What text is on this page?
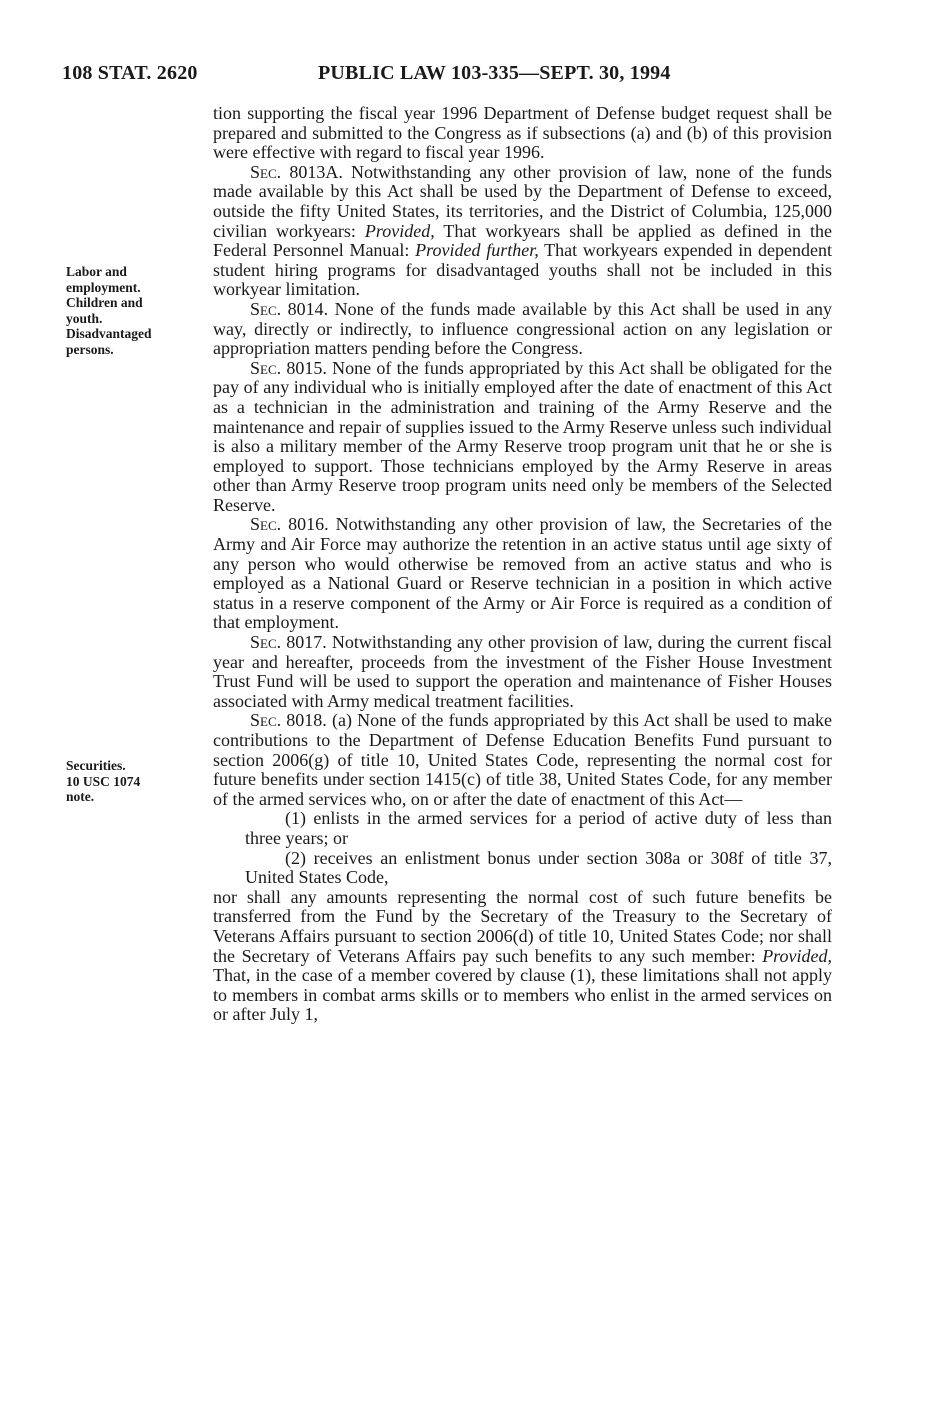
108 STAT. 2620	PUBLIC LAW 103-335—SEPT. 30, 1994
Labor and
employment.
Children and
youth.
Disadvantaged
persons.
Securities.
10 USC 1074
note.

tion supporting the fiscal year 1996 Department of Defense budget request shall be prepared and submitted to the Congress as if subsections (a) and (b) of this provision were effective with regard to fiscal year 1996.

Sec. 8013A. Notwithstanding any other provision of law, none of the funds made available by this Act shall be used by the Department of Defense to exceed, outside the fifty United States, its territories, and the District of Columbia, 125,000 civilian workyears: Provided, That workyears shall be applied as defined in the Federal Personnel Manual: Provided further, That workyears expended in dependent student hiring programs for disadvantaged youths shall not be included in this workyear limitation.

Sec. 8014. None of the funds made available by this Act shall be used in any way, directly or indirectly, to influence congressional action on any legislation or appropriation matters pending before the Congress.

Sec. 8015. None of the funds appropriated by this Act shall be obligated for the pay of any individual who is initially employed after the date of enactment of this Act as a technician in the administration and training of the Army Reserve and the maintenance and repair of supplies issued to the Army Reserve unless such individual is also a military member of the Army Reserve troop program unit that he or she is employed to support. Those technicians employed by the Army Reserve in areas other than Army Reserve troop program units need only be members of the Selected Reserve.

Sec. 8016. Notwithstanding any other provision of law, the Secretaries of the Army and Air Force may authorize the retention in an active status until age sixty of any person who would otherwise be removed from an active status and who is employed as a National Guard or Reserve technician in a position in which active status in a reserve component of the Army or Air Force is required as a condition of that employment.

Sec. 8017. Notwithstanding any other provision of law, during the current fiscal year and hereafter, proceeds from the investment of the Fisher House Investment Trust Fund will be used to support the operation and maintenance of Fisher Houses associated with Army medical treatment facilities.

Sec. 8018. (a) None of the funds appropriated by this Act shall be used to make contributions to the Department of Defense Education Benefits Fund pursuant to section 2006(g) of title 10, United States Code, representing the normal cost for future benefits under section 1415(c) of title 38, United States Code, for any member of the armed services who, on or after the date of enactment of this Act—

(1) enlists in the armed services for a period of active duty of less than three years; or

(2) receives an enlistment bonus under section 308a or 308f of title 37, United States Code,

nor shall any amounts representing the normal cost of such future benefits be transferred from the Fund by the Secretary of the Treasury to the Secretary of Veterans Affairs pursuant to section 2006(d) of title 10, United States Code; nor shall the Secretary of Veterans Affairs pay such benefits to any such member: Provided, That, in the case of a member covered by clause (1), these limitations shall not apply to members in combat arms skills or to members who enlist in the armed services on or after July 1,
